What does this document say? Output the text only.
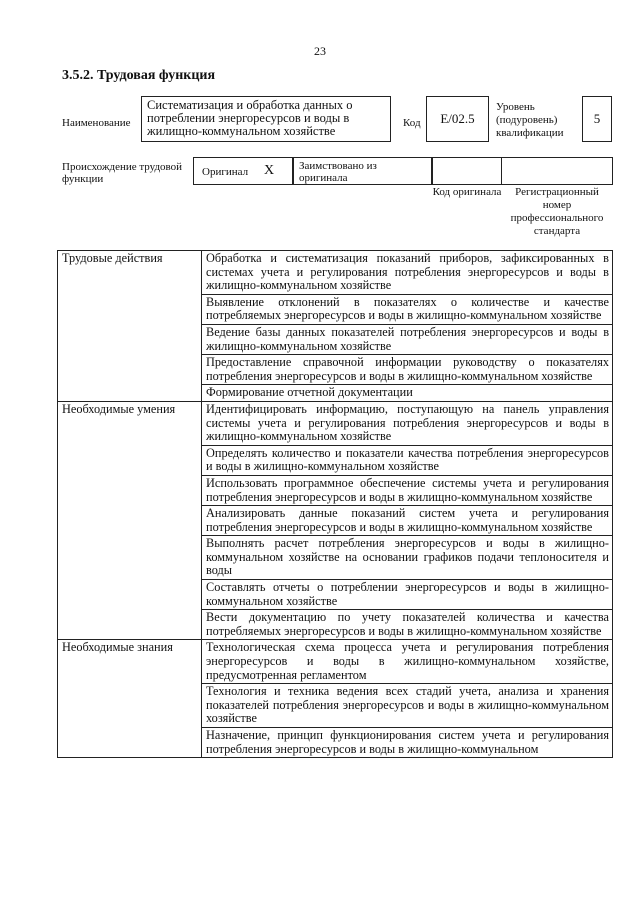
23
3.5.2. Трудовая функция
Наименование
Систематизация и обработка данных о потреблении энергоресурсов и воды в жилищно-коммунальном хозяйстве
Код E/02.5
Уровень (подуровень) квалификации
5
Происхождение трудовой функции
Оригинал X	Заимствовано из оригинала
Код оригинала	Регистрационный номер профессионального стандарта
Трудовые действия	Обработка и систематизация показаний приборов, зафиксированных в системах учета и регулирования потребления энергоресурсов и воды в жилищно-коммунальном хозяйстве
	Выявление отклонений в показателях о количестве и качестве потребляемых энергоресурсов и воды в жилищно-коммунальном хозяйстве
	Ведение базы данных показателей потребления энергоресурсов и воды в жилищно-коммунальном хозяйстве
	Предоставление справочной информации руководству о показателях потребления энергоресурсов и воды в жилищно-коммунальном хозяйстве
	Формирование отчетной документации
Необходимые умения	Идентифицировать информацию, поступающую на панель управления системы учета и регулирования потребления энергоресурсов и воды в жилищно-коммунальном хозяйстве
	Определять количество и показатели качества потребления энергоресурсов и воды в жилищно-коммунальном хозяйстве
	Использовать программное обеспечение системы учета и регулирования потребления энергоресурсов и воды в жилищно-коммунальном хозяйстве
	Анализировать данные показаний систем учета и регулирования потребления энергоресурсов и воды в жилищно-коммунальном хозяйстве
	Выполнять расчет потребления энергоресурсов и воды в жилищно-коммунальном хозяйстве на основании графиков подачи теплоносителя и воды
	Составлять отчеты о потреблении энергоресурсов и воды в жилищно-коммунальном хозяйстве
	Вести документацию по учету показателей количества и качества потребляемых энергоресурсов и воды в жилищно-коммунальном хозяйстве
Необходимые знания	Технологическая схема процесса учета и регулирования потребления энергоресурсов и воды в жилищно-коммунальном хозяйстве, предусмотренная регламентом
	Технология и техника ведения всех стадий учета, анализа и хранения показателей потребления энергоресурсов и воды в жилищно-коммунальном хозяйстве
	Назначение, принцип функционирования систем учета и регулирования потребления энергоресурсов и воды в жилищно-коммунальном
